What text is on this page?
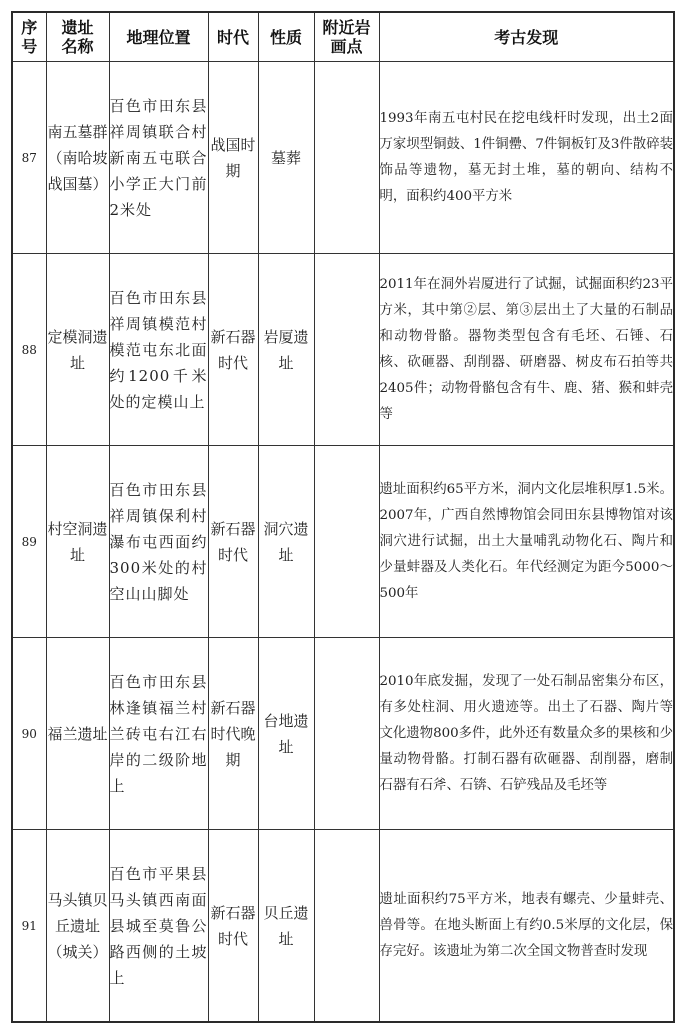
序号	遗址名称	地理位置	时代	性质	附近岩画点	考古发现
87	南五墓群（南哈坡战国墓）	百色市田东县祥周镇联合村新南五屯联合小学正大门前2米处	战国时期	墓葬		1993年南五屯村民在挖电线杆时发现，出土2面万家坝型铜鼓、1件铜罍、7件铜板钉及3件散碎装饰品等遗物，墓无封土堆，墓的朝向、结构不明，面积约400平方米
88	定模洞遗址	百色市田东县祥周镇模范村模范屯东北面约1200千米处的定模山上	新石器时代	岩厦遗址		2011年在洞外岩厦进行了试掘，试掘面积约23平方米，其中第②层、第③层出土了大量的石制品和动物骨骼。器物类型包含有毛坯、石锤、石核、砍砸器、刮削器、研磨器、树皮布石拍等共2405件；动物骨骼包含有牛、鹿、猪、猴和蚌壳等
89	村空洞遗址	百色市田东县祥周镇保利村瀑布屯西面约300米处的村空山山脚处	新石器时代	洞穴遗址		遗址面积约65平方米，洞内文化层堆积厚1.5米。2007年，广西自然博物馆会同田东县博物馆对该洞穴进行试掘，出土大量哺乳动物化石、陶片和少量蚌器及人类化石。年代经测定为距今5000～500年
90	福兰遗址	百色市田东县林逢镇福兰村兰砖屯右江右岸的二级阶地上	新石器时代晚期	台地遗址		2010年底发掘，发现了一处石制品密集分布区，有多处柱洞、用火遗迹等。出土了石器、陶片等文化遗物800多件，此外还有数量众多的果核和少量动物骨骼。打制石器有砍砸器、刮削器，磨制石器有石斧、石锛、石铲残品及毛坯等
91	马头镇贝丘遗址（城关）	百色市平果县马头镇西南面县城至莫鲁公路西侧的土坡上	新石器时代	贝丘遗址		遗址面积约75平方米，地表有螺壳、少量蚌壳、兽骨等。在地头断面上有约0.5米厚的文化层，保存完好。该遗址为第二次全国文物普查时发现
